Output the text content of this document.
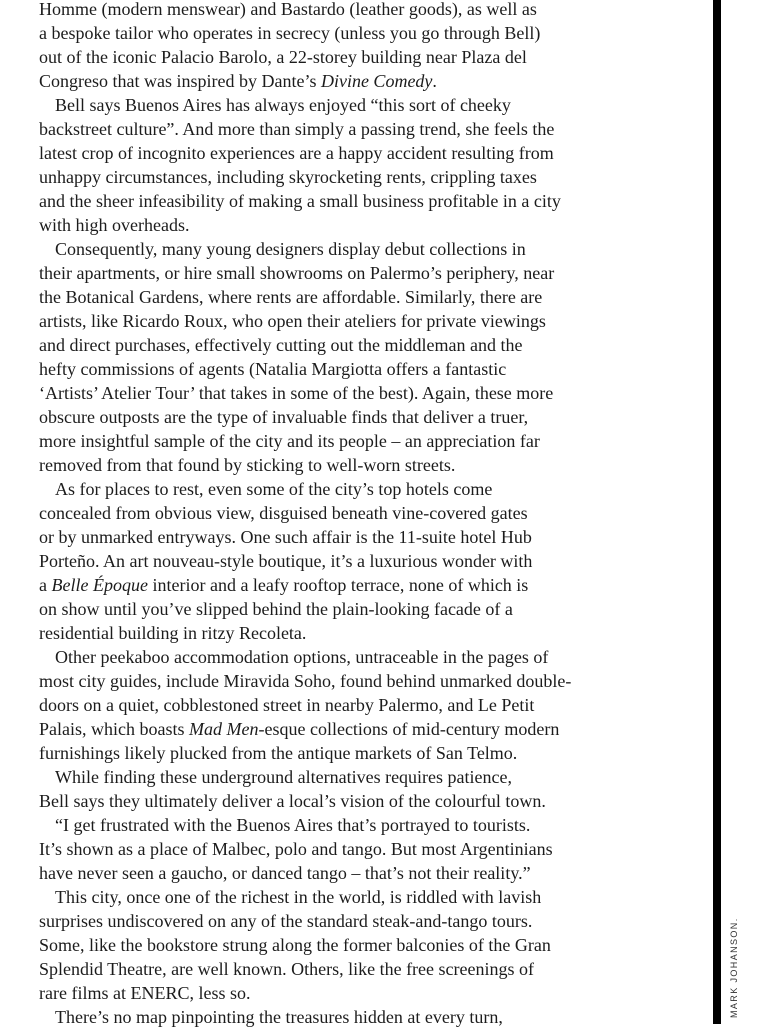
Homme (modern menswear) and Bastardo (leather goods), as well as
a bespoke tailor who operates in secrecy (unless you go through Bell)
out of the iconic Palacio Barolo, a 22-storey building near Plaza del
Congreso that was inspired by Dante’s Divine Comedy.
Bell says Buenos Aires has always enjoyed “this sort of cheeky
backstreet culture”. And more than simply a passing trend, she feels the
latest crop of incognito experiences are a happy accident resulting from
unhappy circumstances, including skyrocketing rents, crippling taxes
and the sheer infeasibility of making a small business profitable in a city
with high overheads.
Consequently, many young designers display debut collections in
their apartments, or hire small showrooms on Palermo’s periphery, near
the Botanical Gardens, where rents are affordable. Similarly, there are
artists, like Ricardo Roux, who open their ateliers for private viewings
and direct purchases, effectively cutting out the middleman and the
hefty commissions of agents (Natalia Margiotta offers a fantastic
‘Artists’ Atelier Tour’ that takes in some of the best). Again, these more
obscure outposts are the type of invaluable finds that deliver a truer,
more insightful sample of the city and its people – an appreciation far
removed from that found by sticking to well-worn streets.
As for places to rest, even some of the city’s top hotels come
concealed from obvious view, disguised beneath vine-covered gates
or by unmarked entryways. One such affair is the 11-suite hotel Hub
Porteño. An art nouveau-style boutique, it’s a luxurious wonder with
a Belle Époque interior and a leafy rooftop terrace, none of which is
on show until you’ve slipped behind the plain-looking facade of a
residential building in ritzy Recoleta.
Other peekaboo accommodation options, untraceable in the pages of
most city guides, include Miravida Soho, found behind unmarked double-
doors on a quiet, cobblestoned street in nearby Palermo, and Le Petit
Palais, which boasts Mad Men-esque collections of mid-century modern
furnishings likely plucked from the antique markets of San Telmo.
While finding these underground alternatives requires patience,
Bell says they ultimately deliver a local’s vision of the colourful town.
“I get frustrated with the Buenos Aires that’s portrayed to tourists.
It’s shown as a place of Malbec, polo and tango. But most Argentinians
have never seen a gaucho, or danced tango – that’s not their reality.”
This city, once one of the richest in the world, is riddled with lavish
surprises undiscovered on any of the standard steak-and-tango tours.
Some, like the bookstore strung along the former balconies of the Gran
Splendid Theatre, are well known. Others, like the free screenings of
rare films at ENERC, less so.
There’s no map pinpointing the treasures hidden at every turn,	MARK JOHANSON.
